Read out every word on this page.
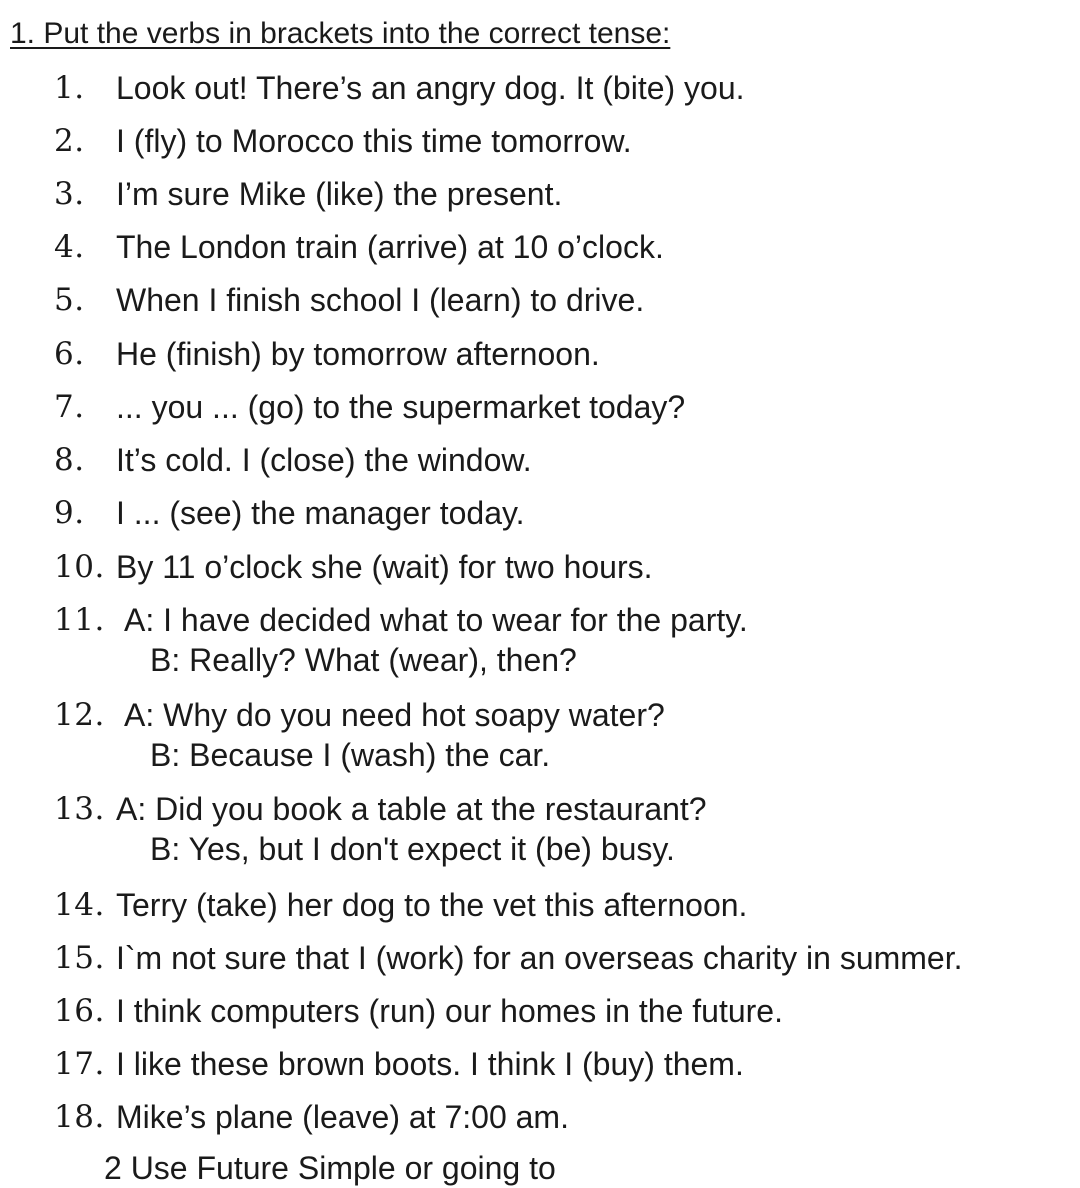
1. Put the verbs in brackets into the correct tense:
1. Look out! There’s an angry dog. It (bite) you.
2. I (fly) to Morocco this time tomorrow.
3. I’m sure Mike (like) the present.
4. The London train (arrive) at 10 o’clock.
5. When I finish school I (learn) to drive.
6. He (finish) by tomorrow afternoon.
7. ... you ... (go) to the supermarket today?
8. It’s cold. I (close) the window.
9. I ... (see) the manager today.
10. By 11 o’clock she (wait) for two hours.
11. A: I have decided what to wear for the party.
B: Really? What (wear), then?
12. A: Why do you need hot soapy water?
B: Because I (wash) the car.
13. A: Did you book a table at the restaurant?
B: Yes, but I don't expect it (be) busy.
14. Terry (take) her dog to the vet this afternoon.
15. I`m not sure that I (work) for an overseas charity in summer.
16. I think computers (run) our homes in the future.
17. I like these brown boots. I think I (buy) them.
18. Mike’s plane (leave) at 7:00 am.
2 Use Future Simple or going to
